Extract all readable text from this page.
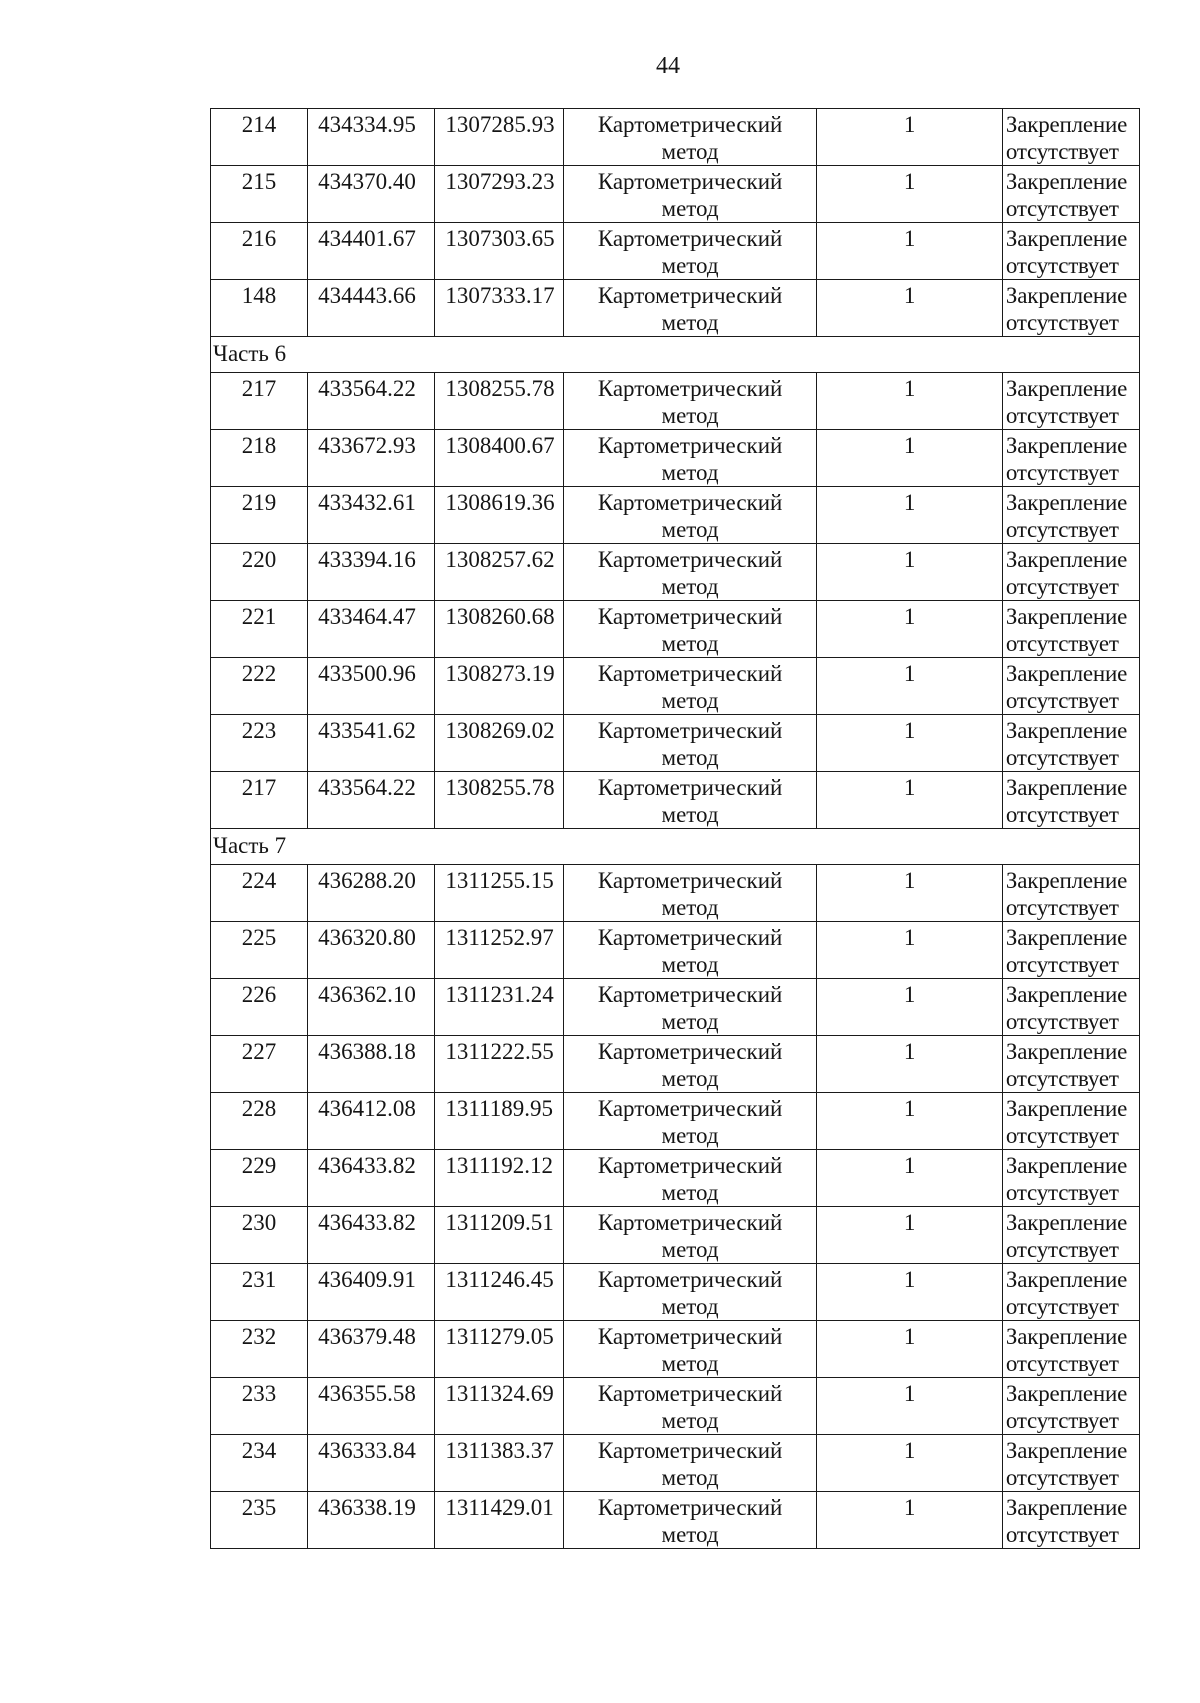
44
214	434334.95	1307285.93	Картометрический метод	1	Закрепление отсутствует
215	434370.40	1307293.23	Картометрический метод	1	Закрепление отсутствует
216	434401.67	1307303.65	Картометрический метод	1	Закрепление отсутствует
148	434443.66	1307333.17	Картометрический метод	1	Закрепление отсутствует
Часть 6					
217	433564.22	1308255.78	Картометрический метод	1	Закрепление отсутствует
218	433672.93	1308400.67	Картометрический метод	1	Закрепление отсутствует
219	433432.61	1308619.36	Картометрический метод	1	Закрепление отсутствует
220	433394.16	1308257.62	Картометрический метод	1	Закрепление отсутствует
221	433464.47	1308260.68	Картометрический метод	1	Закрепление отсутствует
222	433500.96	1308273.19	Картометрический метод	1	Закрепление отсутствует
223	433541.62	1308269.02	Картометрический метод	1	Закрепление отсутствует
217	433564.22	1308255.78	Картометрический метод	1	Закрепление отсутствует
Часть 7					
224	436288.20	1311255.15	Картометрический метод	1	Закрепление отсутствует
225	436320.80	1311252.97	Картометрический метод	1	Закрепление отсутствует
226	436362.10	1311231.24	Картометрический метод	1	Закрепление отсутствует
227	436388.18	1311222.55	Картометрический метод	1	Закрепление отсутствует
228	436412.08	1311189.95	Картометрический метод	1	Закрепление отсутствует
229	436433.82	1311192.12	Картометрический метод	1	Закрепление отсутствует
230	436433.82	1311209.51	Картометрический метод	1	Закрепление отсутствует
231	436409.91	1311246.45	Картометрический метод	1	Закрепление отсутствует
232	436379.48	1311279.05	Картометрический метод	1	Закрепление отсутствует
233	436355.58	1311324.69	Картометрический метод	1	Закрепление отсутствует
234	436333.84	1311383.37	Картометрический метод	1	Закрепление отсутствует
235	436338.19	1311429.01	Картометрический метод	1	Закрепление отсутствует
